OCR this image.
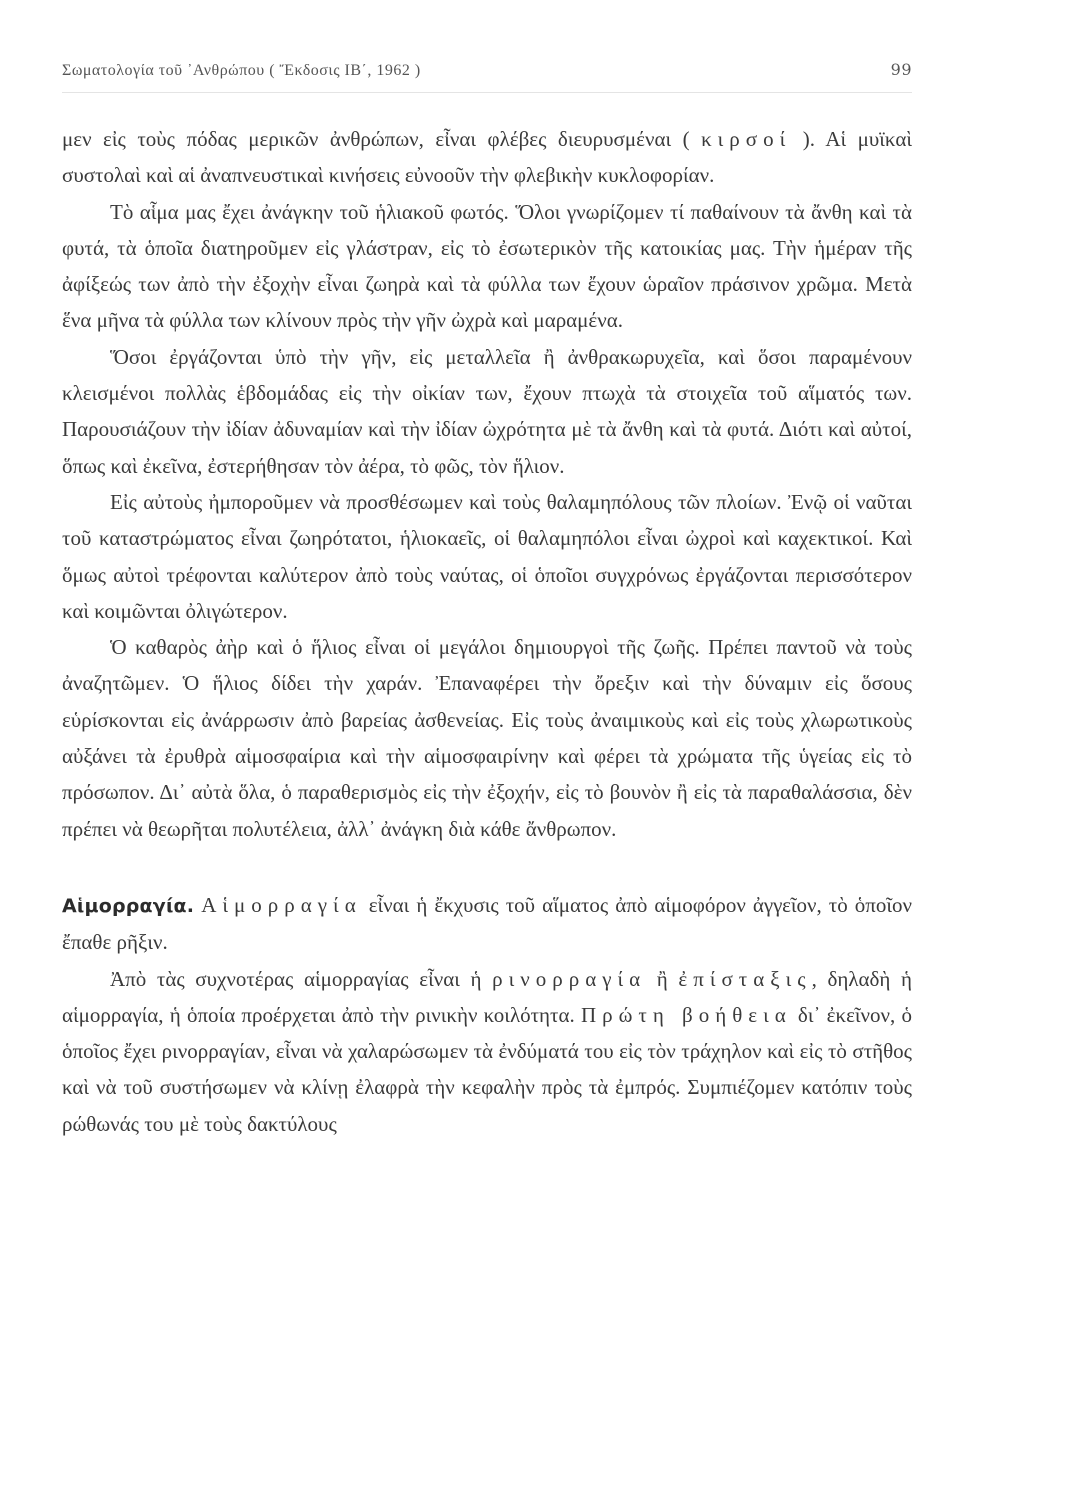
Σωματολογία τοῦ ᾽Ανθρώπου ( Ἔκδοσις ΙΒ΄, 1962 )	99

μεν εἰς τοὺς πόδας μερικῶν ἀνθρώπων, εἶναι φλέβες διευρυσμέναι ( κιρσοί ). Αἱ μυϊκαὶ συστολαὶ καὶ αἱ ἀναπνευστικαὶ κινήσεις εὐνοοῦν τὴν φλεβικὴν κυκλοφορίαν.

Τὸ αἷμα μας ἔχει ἀνάγκην τοῦ ἡλιακοῦ φωτός. Ὅλοι γνωρίζομεν τί παθαίνουν τὰ ἄνθη καὶ τὰ φυτά, τὰ ὁποῖα διατηροῦμεν εἰς γλάστραν, εἰς τὸ ἐσωτερικὸν τῆς κατοικίας μας. Τὴν ἡμέραν τῆς ἀφίξεώς των ἀπὸ τὴν ἐξοχὴν εἶναι ζωηρὰ καὶ τὰ φύλλα των ἔχουν ὡραῖον πράσινον χρῶμα. Μετὰ ἕνα μῆνα τὰ φύλλα των κλίνουν πρὸς τὴν γῆν ὠχρὰ καὶ μαραμένα.

Ὅσοι ἐργάζονται ὑπὸ τὴν γῆν, εἰς μεταλλεῖα ἢ ἀνθρακωρυχεῖα, καὶ ὅσοι παραμένουν κλεισμένοι πολλὰς ἑβδομάδας εἰς τὴν οἰκίαν των, ἔχουν πτωχὰ τὰ στοιχεῖα τοῦ αἵματός των. Παρουσιάζουν τὴν ἰδίαν ἀδυναμίαν καὶ τὴν ἰδίαν ὠχρότητα μὲ τὰ ἄνθη καὶ τὰ φυτά. Διότι καὶ αὐτοί, ὅπως καὶ ἐκεῖνα, ἐστερήθησαν τὸν ἀέρα, τὸ φῶς, τὸν ἥλιον.

Εἰς αὐτοὺς ἠμποροῦμεν νὰ προσθέσωμεν καὶ τοὺς θαλαμηπόλους τῶν πλοίων. Ἐνῷ οἱ ναῦται τοῦ καταστρώματος εἶναι ζωηρότατοι, ἡλιοκαεῖς, οἱ θαλαμηπόλοι εἶναι ὠχροὶ καὶ καχεκτικοί. Καὶ ὅμως αὐτοὶ τρέφονται καλύτερον ἀπὸ τοὺς ναύτας, οἱ ὁποῖοι συγχρόνως ἐργάζονται περισσότερον καὶ κοιμῶνται ὀλιγώτερον.

Ὁ καθαρὸς ἀὴρ καὶ ὁ ἥλιος εἶναι οἱ μεγάλοι δημιουργοὶ τῆς ζωῆς. Πρέπει παντοῦ νὰ τοὺς ἀναζητῶμεν. Ὁ ἥλιος δίδει τὴν χαράν. Ἐπαναφέρει τὴν ὄρεξιν καὶ τὴν δύναμιν εἰς ὅσους εὑρίσκονται εἰς ἀνάρρωσιν ἀπὸ βαρείας ἀσθενείας. Εἰς τοὺς ἀναιμικοὺς καὶ εἰς τοὺς χλωρωτικοὺς αὐξάνει τὰ ἐρυθρὰ αἱμοσφαίρια καὶ τὴν αἱμοσφαιρίνην καὶ φέρει τὰ χρώματα τῆς ὑγείας εἰς τὸ πρόσωπον. Δι᾽ αὐτὰ ὅλα, ὁ παραθερισμὸς εἰς τὴν ἐξοχήν, εἰς τὸ βουνὸν ἢ εἰς τὰ παραθαλάσσια, δὲν πρέπει νὰ θεωρῆται πολυτέλεια, ἀλλ᾽ ἀνάγκη διὰ κάθε ἄνθρωπον.

Αἱμορραγία. Αἱμορραγία εἶναι ἡ ἔκχυσις τοῦ αἵματος ἀπὸ αἱμοφόρον ἀγγεῖον, τὸ ὁποῖον ἔπαθε ρῆξιν.

Ἀπὸ τὰς συχνοτέρας αἱμορραγίας εἶναι ἡ ρινορραγία ἢ ἐπίσταξις, δηλαδὴ ἡ αἱμορραγία, ἡ ὁποία προέρχεται ἀπὸ τὴν ρινικὴν κοιλότητα. Πρώτη βοήθεια δι᾽ ἐκεῖνον, ὁ ὁποῖος ἔχει ρινορραγίαν, εἶναι νὰ χαλαρώσωμεν τὰ ἐνδύματά του εἰς τὸν τράχηλον καὶ εἰς τὸ στῆθος καὶ νὰ τοῦ συστήσωμεν νὰ κλίνῃ ἐλαφρὰ τὴν κεφαλὴν πρὸς τὰ ἐμπρός. Συμπιέζομεν κατόπιν τοὺς ρώθωνάς του μὲ τοὺς δακτύλους
